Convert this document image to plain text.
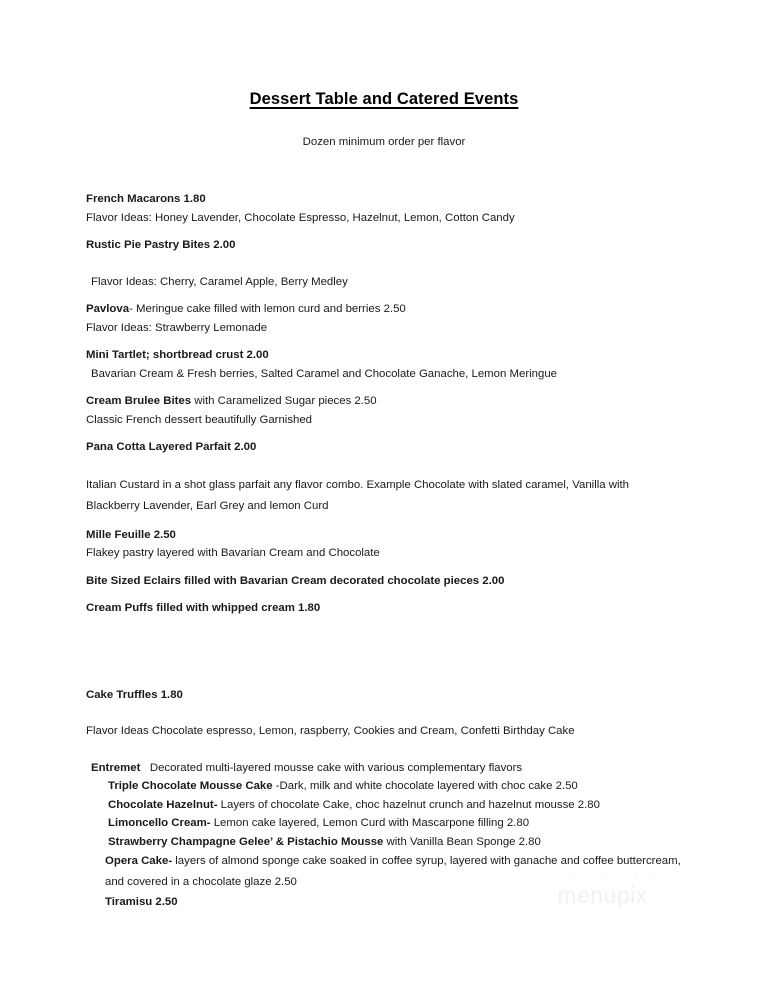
Dessert Table and Catered Events
Dozen minimum order per flavor
French Macarons 1.80
Flavor Ideas: Honey Lavender, Chocolate Espresso, Hazelnut, Lemon, Cotton Candy
Rustic Pie Pastry Bites 2.00
Flavor Ideas: Cherry, Caramel Apple, Berry Medley
Pavlova- Meringue cake filled with lemon curd and berries 2.50
Flavor Ideas: Strawberry Lemonade
Mini Tartlet; shortbread crust 2.00
Bavarian Cream & Fresh berries, Salted Caramel and Chocolate Ganache, Lemon Meringue
Cream Brulee Bites with Caramelized Sugar pieces 2.50
Classic French dessert beautifully Garnished
Pana Cotta Layered Parfait 2.00
Italian Custard in a shot glass parfait any flavor combo. Example Chocolate with slated caramel, Vanilla with Blackberry Lavender, Earl Grey and lemon Curd
Mille Feuille 2.50
Flakey pastry layered with Bavarian Cream and Chocolate
Bite Sized Eclairs filled with Bavarian Cream decorated chocolate pieces 2.00
Cream Puffs filled with whipped cream 1.80
Cake Truffles 1.80
Flavor Ideas Chocolate espresso, Lemon, raspberry, Cookies and Cream, Confetti Birthday Cake
Entremet Decorated multi-layered mousse cake with various complementary flavors
Triple Chocolate Mousse Cake -Dark, milk and white chocolate layered with choc cake 2.50
Chocolate Hazelnut- Layers of chocolate Cake, choc hazelnut crunch and hazelnut mousse 2.80
Limoncello Cream- Lemon cake layered, Lemon Curd with Mascarpone filling 2.80
Strawberry Champagne Gelee’ & Pistachio Mousse with Vanilla Bean Sponge 2.80
Opera Cake- layers of almond sponge cake soaked in coffee syrup, layered with ganache and coffee buttercream, and covered in a chocolate glaze 2.50
Tiramisu 2.50
your guide to dining out
menupix
